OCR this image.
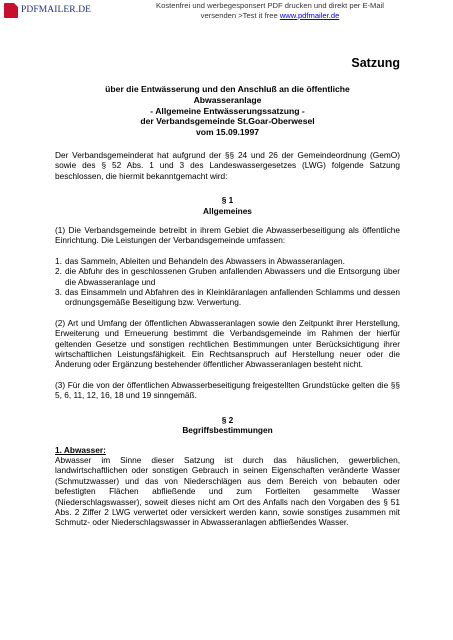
PDFMAILER.DE	Kostenfrei und werbegesponsert PDF drucken und direkt per E-Mail
versenden >Test it free www.pdfmailer.de
Satzung
über die Entwässerung und den Anschluß an die öffentliche
Abwasseranlage
- Allgemeine Entwässerungssatzung -
der Verbandsgemeinde St.Goar-Oberwesel
vom 15.09.1997

Der Verbandsgemeinderat hat aufgrund der §§ 24 und 26 der Gemeindeordnung (GemO) sowie des § 52 Abs. 1 und 3 des Landeswassergesetzes (LWG) folgende Satzung beschlossen, die hiermit bekanntgemacht wird:

§ 1
Allgemeines

(1) Die Verbandsgemeinde betreibt in ihrem Gebiet die Abwasserbeseitigung als öffentliche Einrichtung. Die Leistungen der Verbandsgemeinde umfassen:

1. das Sammeln, Ableiten und Behandeln des Abwassers in Abwasseranlagen.
2. die Abfuhr des in geschlossenen Gruben anfallenden Abwassers und die Entsorgung über die Abwasseranlage und
3. das Einsammeln und Abfahren des in Kleinkläranlagen anfallenden Schlamms und dessen ordnungsgemäße Beseitigung bzw. Verwertung.

(2) Art und Umfang der öffentlichen Abwasseranlagen sowie den Zeitpunkt ihrer Herstellung, Erweiterung und Erneuerung bestimmt die Verbandsgemeinde im Rahmen der hierfür geltenden Gesetze und sonstigen rechtlichen Bestimmungen unter Berücksichtigung ihrer wirtschaftlichen Leistungsfähigkeit. Ein Rechtsanspruch auf Herstellung neuer oder die Änderung oder Ergänzung bestehender öffentlicher Abwasseranlagen besteht nicht.

(3) Für die von der öffentlichen Abwasserbeseitigung freigestellten Grundstücke gelten die §§ 5, 6, 11, 12, 16, 18 und 19 sinngemäß.

§ 2
Begriffsbestimmungen
1. Abwasser:

Abwasser im Sinne dieser Satzung ist durch das häuslichen, gewerblichen, landwirtschaftlichen oder sonstigen Gebrauch in seinen Eigenschaften veränderte Wasser (Schmutzwasser) und das von Niederschlägen aus dem Bereich von bebauten oder befestigten Flächen abfließende und zum Fortleiten gesammelte Wasser (Niederschlagswasser), soweit dieses nicht am Ort des Anfalls nach den Vorgaben des § 51 Abs. 2 Ziffer 2 LWG verwertet oder versickert werden kann, sowie sonstiges zusammen mit Schmutz- oder Niederschlagswasser in Abwasseranlagen abfließendes Wasser.
